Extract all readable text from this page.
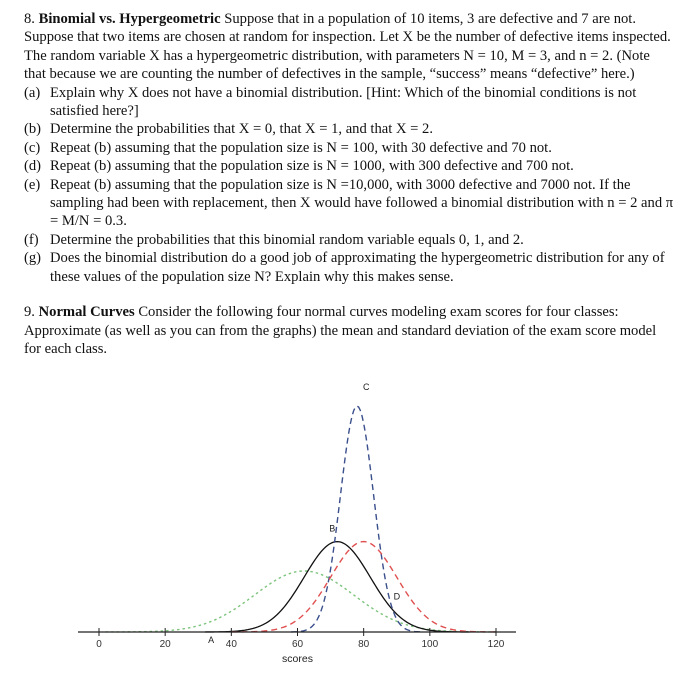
8. Binomial vs. Hypergeometric Suppose that in a population of 10 items, 3 are defective and 7 are not. Suppose that two items are chosen at random for inspection. Let X be the number of defective items inspected. The random variable X has a hypergeometric distribution, with parameters N = 10, M = 3, and n = 2. (Note that because we are counting the number of defectives in the sample, “success” means “defective” here.)

(a) Explain why X does not have a binomial distribution. [Hint: Which of the binomial conditions is not satisfied here?]
(b) Determine the probabilities that X = 0, that X = 1, and that X = 2.
(c) Repeat (b) assuming that the population size is N = 100, with 30 defective and 70 not.
(d) Repeat (b) assuming that the population size is N = 1000, with 300 defective and 700 not.
(e) Repeat (b) assuming that the population size is N =10,000, with 3000 defective and 7000 not. If the sampling had been with replacement, then X would have followed a binomial distribution with n = 2 and π = M/N = 0.3.
(f) Determine the probabilities that this binomial random variable equals 0, 1, and 2.
(g) Does the binomial distribution do a good job of approximating the hypergeometric distribution for any of these values of the population size N? Explain why this makes sense.

9. Normal Curves Consider the following four normal curves modeling exam scores for four classes: Approximate (as well as you can from the graphs) the mean and standard deviation of the exam score model for each class.

A
B
C
D
0	20	40	60	80	100	120
scores
